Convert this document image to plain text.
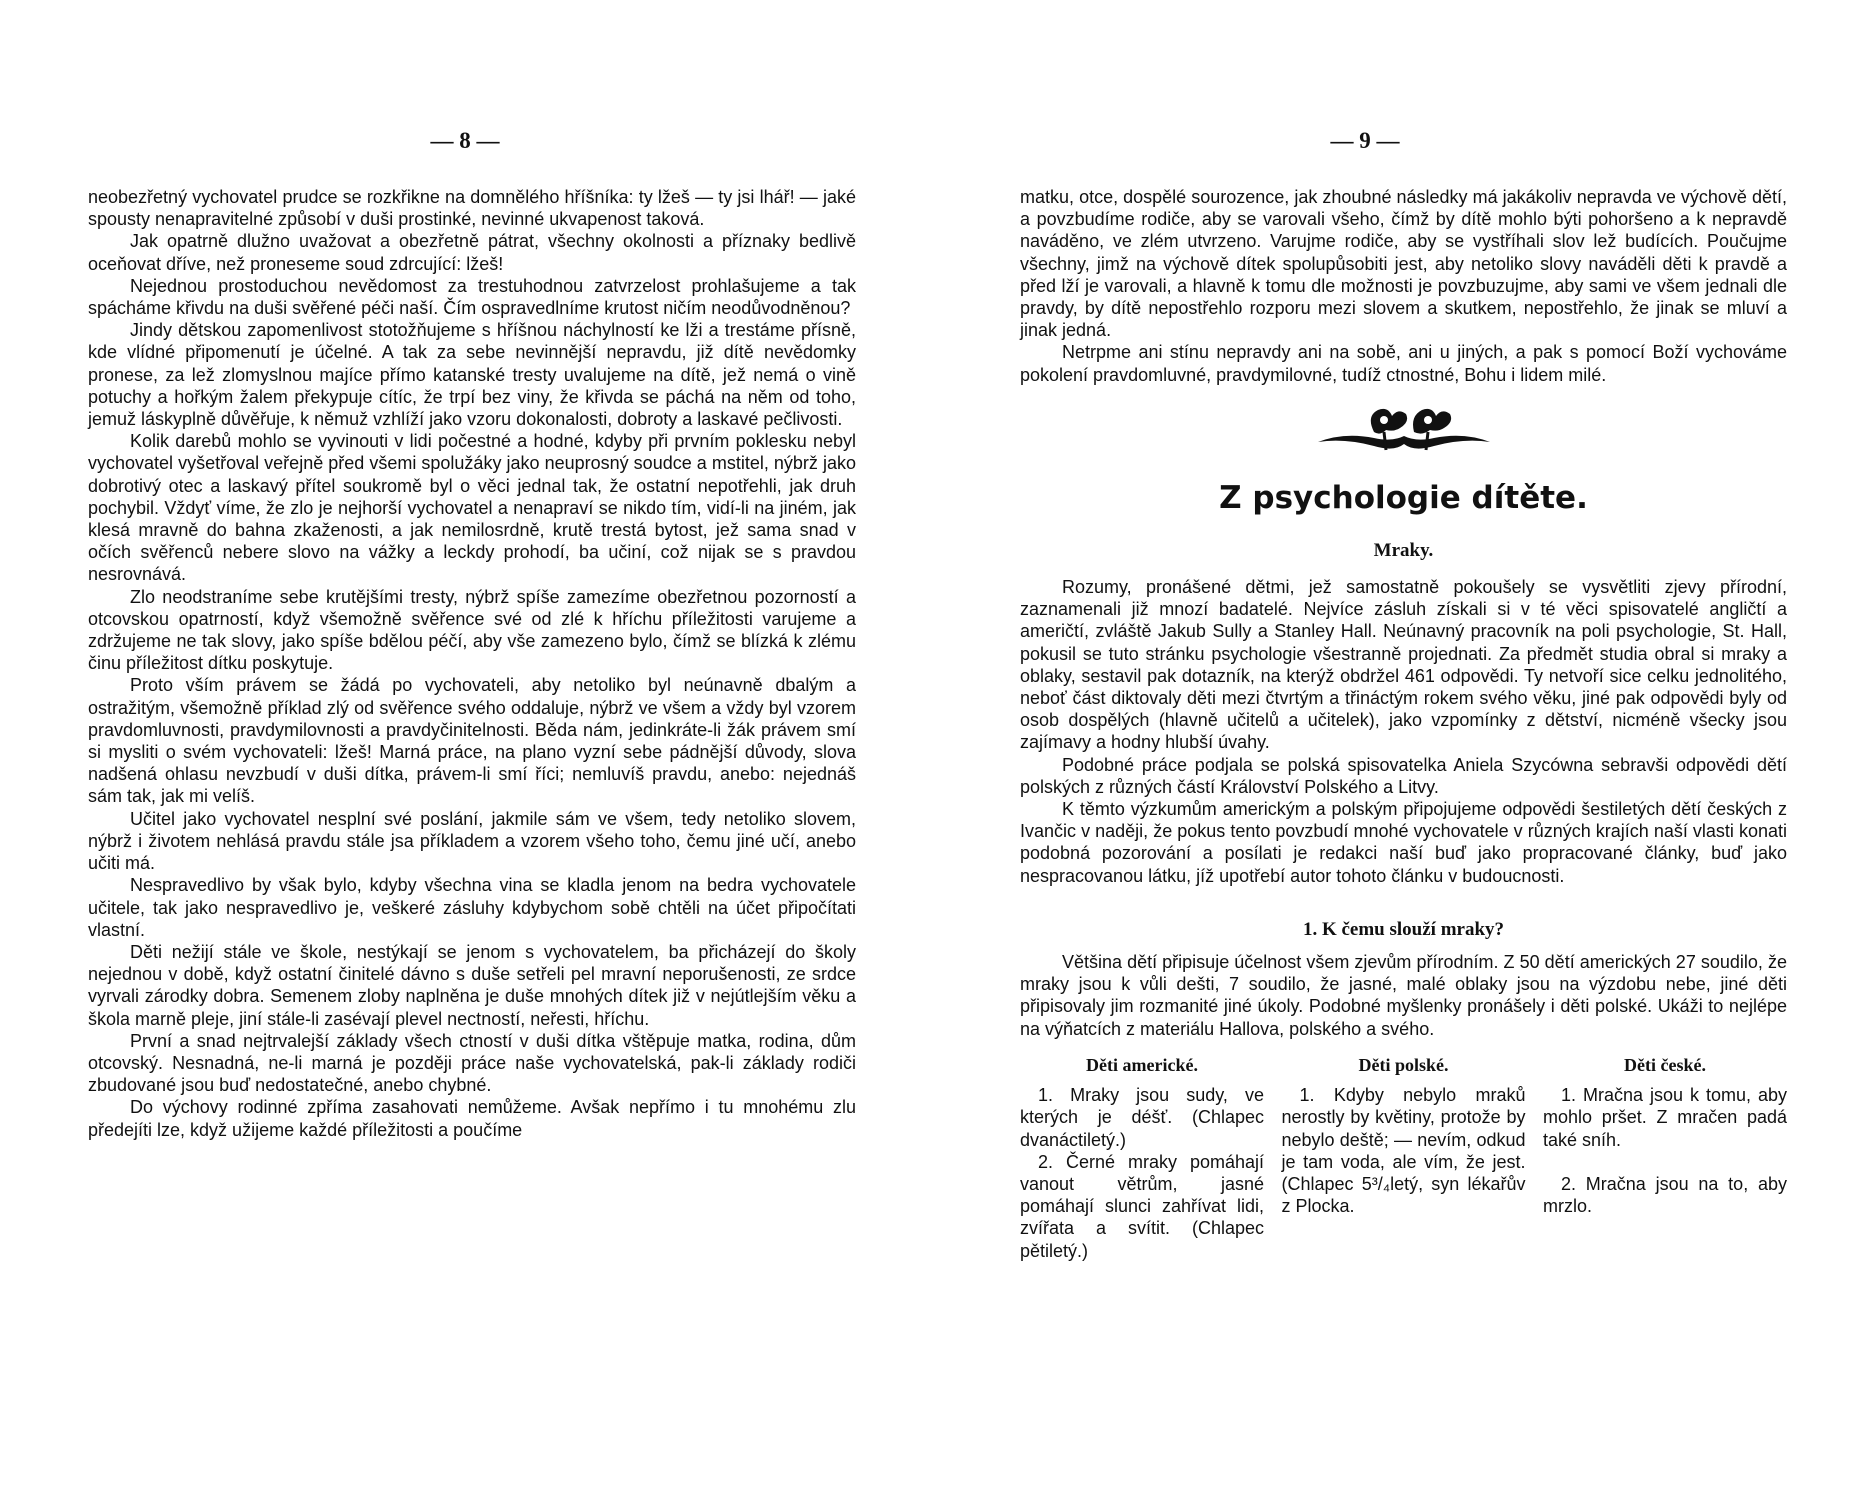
— 8 —

neobezřetný vychovatel prudce se rozkřikne na domnělého hříšníka: ty lžeš — ty jsi lhář! — jaké spousty nenapravitelné způsobí v duši prostinké, nevinné ukvapenost taková.

Jak opatrně dlužno uvažovat a obezřetně pátrat, všechny okolnosti a příznaky bedlivě oceňovat dříve, než proneseme soud zdrcující: lžeš!

Nejednou prostoduchou nevědomost za trestuhodnou zatvrzelost prohlašujeme a tak spácháme křivdu na duši svěřené péči naší. Čím ospravedlníme krutost ničím neodůvodněnou?

Jindy dětskou zapomenlivost stotožňujeme s hříšnou náchylností ke lži a trestáme přísně, kde vlídné připomenutí je účelné. A tak za sebe nevinnější nepravdu, již dítě nevědomky pronese, za lež zlomyslnou majíce přímo katanské tresty uvalujeme na dítě, jež nemá o vině potuchy a hořkým žalem překypuje cítíc, že trpí bez viny, že křivda se páchá na něm od toho, jemuž láskyplně důvěřuje, k němuž vzhlíží jako vzoru dokonalosti, dobroty a laskavé pečlivosti.

Kolik darebů mohlo se vyvinouti v lidi počestné a hodné, kdyby při prvním poklesku nebyl vychovatel vyšetřoval veřejně před všemi spolužáky jako neuprosný soudce a mstitel, nýbrž jako dobrotivý otec a laskavý přítel soukromě byl o věci jednal tak, že ostatní nepotřehli, jak druh pochybil. Vždyť víme, že zlo je nejhorší vychovatel a nenapraví se nikdo tím, vidí-li na jiném, jak klesá mravně do bahna zkaženosti, a jak nemilosrdně, krutě trestá bytost, jež sama snad v očích svěřenců nebere slovo na vážky a leckdy prohodí, ba učiní, což nijak se s pravdou nesrovnává.

Zlo neodstraníme sebe krutějšími tresty, nýbrž spíše zamezíme obezřetnou pozorností a otcovskou opatrností, když všemožně svěřence své od zlé k hříchu příležitosti varujeme a zdržujeme ne tak slovy, jako spíše bdělou péčí, aby vše zamezeno bylo, čímž se blízká k zlému činu příležitost dítku poskytuje.

Proto vším právem se žádá po vychovateli, aby netoliko byl neúnavně dbalým a ostražitým, všemožně příklad zlý od svěřence svého oddaluje, nýbrž ve všem a vždy byl vzorem pravdomluvnosti, pravdymilovnosti a pravdyčinitelnosti. Běda nám, jedinkráte-li žák právem smí si mysliti o svém vychovateli: lžeš! Marná práce, na plano vyzní sebe pádnější důvody, slova nadšená ohlasu nevzbudí v duši dítka, právem-li smí říci; nemluvíš pravdu, anebo: nejednáš sám tak, jak mi velíš.

Učitel jako vychovatel nesplní své poslání, jakmile sám ve všem, tedy netoliko slovem, nýbrž i životem nehlásá pravdu stále jsa příkladem a vzorem všeho toho, čemu jiné učí, anebo učiti má.

Nespravedlivo by však bylo, kdyby všechna vina se kladla jenom na bedra vychovatele učitele, tak jako nespravedlivo je, veškeré zásluhy kdybychom sobě chtěli na účet připočítati vlastní.

Děti nežijí stále ve škole, nestýkají se jenom s vychovatelem, ba přicházejí do školy nejednou v době, když ostatní činitelé dávno s duše setřeli pel mravní neporušenosti, ze srdce vyrvali zárodky dobra. Semenem zloby naplněna je duše mnohých dítek již v nejútlejším věku a škola marně pleje, jiní stále-li zasévají plevel nectností, neřesti, hříchu.

První a snad nejtrvalejší základy všech ctností v duši dítka vštěpuje matka, rodina, dům otcovský. Nesnadná, ne-li marná je později práce naše vychovatelská, pak-li základy rodiči zbudované jsou buď nedostatečné, anebo chybné.

Do výchovy rodinné zpříma zasahovati nemůžeme. Avšak nepřímo i tu mnohému zlu předejíti lze, když užijeme každé příležitosti a poučíme

— 9 —

matku, otce, dospělé sourozence, jak zhoubné následky má jakákoliv nepravda ve výchově dětí, a povzbudíme rodiče, aby se varovali všeho, čímž by dítě mohlo býti pohoršeno a k nepravdě naváděno, ve zlém utvrzeno. Varujme rodiče, aby se vystříhali slov lež budících. Poučujme všechny, jimž na výchově dítek spolupůsobiti jest, aby netoliko slovy naváděli děti k pravdě a před lží je varovali, a hlavně k tomu dle možnosti je povzbuzujme, aby sami ve všem jednali dle pravdy, by dítě nepostřehlo rozporu mezi slovem a skutkem, nepostřehlo, že jinak se mluví a jinak jedná.

Netrpme ani stínu nepravdy ani na sobě, ani u jiných, a pak s pomocí Boží vychováme pokolení pravdomluvné, pravdymilovné, tudíž ctnostné, Bohu i lidem milé.

Z psychologie dítěte.
Mraky.

Rozumy, pronášené dětmi, jež samostatně pokoušely se vysvětliti zjevy přírodní, zaznamenali již mnozí badatelé. Nejvíce zásluh získali si v té věci spisovatelé angličtí a američtí, zvláště Jakub Sully a Stanley Hall. Neúnavný pracovník na poli psychologie, St. Hall, pokusil se tuto stránku psychologie všestranně projednati. Za předmět studia obral si mraky a oblaky, sestavil pak dotazník, na kterýž obdržel 461 odpovědi. Ty netvoří sice celku jednolitého, neboť část diktovaly děti mezi čtvrtým a třináctým rokem svého věku, jiné pak odpovědi byly od osob dospělých (hlavně učitelů a učitelek), jako vzpomínky z dětství, nicméně všecky jsou zajímavy a hodny hlubší úvahy.

Podobné práce podjala se polská spisovatelka Aniela Szycówna sebravši odpovědi dětí polských z různých částí Království Polského a Litvy.

K těmto výzkumům americkým a polským připojujeme odpovědi šestiletých dětí českých z Ivančic v naději, že pokus tento povzbudí mnohé vychovatele v různých krajích naší vlasti konati podobná pozorování a posílati je redakci naší buď jako propracované články, buď jako nespracovanou látku, jíž upotřebí autor tohoto článku v budoucnosti.

1. K čemu slouží mraky?

Většina dětí připisuje účelnost všem zjevům přírodním. Z 50 dětí amerických 27 soudilo, že mraky jsou k vůli dešti, 7 soudilo, že jasné, malé oblaky jsou na výzdobu nebe, jiné děti připisovaly jim rozmanité jiné úkoly. Podobné myšlenky pronášely i děti polské. Ukáži to nejlépe na výňatcích z materiálu Hallova, polského a svého.

Děti americké.

1. Mraky jsou sudy, ve kterých je déšť. (Chlapec dvanáctiletý.)

2. Černé mraky pomáhají vanout větrům, jasné pomáhají slunci zahřívat lidi, zvířata a svítit. (Chlapec pětiletý.)

Děti polské.

1. Kdyby nebylo mraků nerostly by květiny, protože by nebylo deště; — nevím, odkud je tam voda, ale vím, že jest. (Chlapec 5³/₄letý, syn lékařův z Plocka.

Děti české.

1. Mračna jsou k tomu, aby mohlo pršet. Z mračen padá také sníh.

2. Mračna jsou na to, aby mrzlo.
